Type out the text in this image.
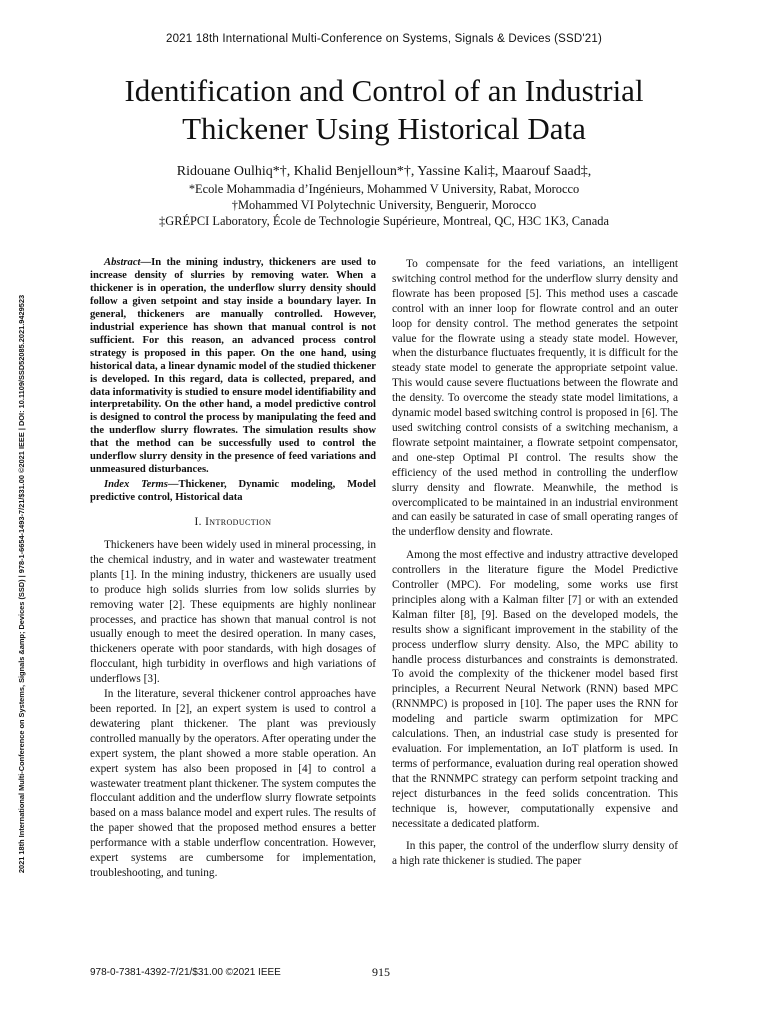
2021 18th International Multi-Conference on Systems, Signals & Devices (SSD'21)
Identification and Control of an Industrial
Thickener Using Historical Data
Ridouane Oulhiq*†, Khalid Benjelloun*†, Yassine Kali‡, Maarouf Saad‡,
*Ecole Mohammadia d’Ingénieurs, Mohammed V University, Rabat, Morocco
†Mohammed VI Polytechnic University, Benguerir, Morocco
‡GRÉPCI Laboratory, École de Technologie Supérieure, Montreal, QC, H3C 1K3, Canada
2021 18th International Multi-Conference on Systems, Signals &amp; Devices (SSD) | 978-1-6654-1493-7/21/$31.00 ©2021 IEEE | DOI: 10.1109/SSD52085.2021.9429523

Abstract—In the mining industry, thickeners are used to increase density of slurries by removing water. When a thickener is in operation, the underflow slurry density should follow a given setpoint and stay inside a boundary layer. In general, thickeners are manually controlled. However, industrial experience has shown that manual control is not sufficient. For this reason, an advanced process control strategy is proposed in this paper. On the one hand, using historical data, a linear dynamic model of the studied thickener is developed. In this regard, data is collected, prepared, and data informativity is studied to ensure model identifiability and interpretability. On the other hand, a model predictive control is designed to control the process by manipulating the feed and the underflow slurry flowrates. The simulation results show that the method can be successfully used to control the underflow slurry density in the presence of feed variations and unmeasured disturbances.

Index Terms—Thickener, Dynamic modeling, Model predictive control, Historical data

I. Introduction

Thickeners have been widely used in mineral processing, in the chemical industry, and in water and wastewater treatment plants [1]. In the mining industry, thickeners are usually used to produce high solids slurries from low solids slurries by removing water [2]. These equipments are highly nonlinear processes, and practice has shown that manual control is not usually enough to meet the desired operation. In many cases, thickeners operate with poor standards, with high dosages of flocculant, high turbidity in overflows and high variations of underflows [3].

In the literature, several thickener control approaches have been reported. In [2], an expert system is used to control a dewatering plant thickener. The plant was previously controlled manually by the operators. After operating under the expert system, the plant showed a more stable operation. An expert system has also been proposed in [4] to control a wastewater treatment plant thickener. The system computes the flocculant addition and the underflow slurry flowrate setpoints based on a mass balance model and expert rules. The results of the paper showed that the proposed method ensures a better performance with a stable underflow concentration. However, expert systems are cumbersome for implementation, troubleshooting, and tuning.

To compensate for the feed variations, an intelligent switching control method for the underflow slurry density and flowrate has been proposed [5]. This method uses a cascade control with an inner loop for flowrate control and an outer loop for density control. The method generates the setpoint value for the flowrate using a steady state model. However, when the disturbance fluctuates frequently, it is difficult for the steady state model to generate the appropriate setpoint value. This would cause severe fluctuations between the flowrate and the density. To overcome the steady state model limitations, a dynamic model based switching control is proposed in [6]. The used switching control consists of a switching mechanism, a flowrate setpoint maintainer, a flowrate setpoint compensator, and one-step Optimal PI control. The results show the efficiency of the used method in controlling the underflow slurry density and flowrate. Meanwhile, the method is overcomplicated to be maintained in an industrial environment and can easily be saturated in case of small operating ranges of the underflow density and flowrate.

Among the most effective and industry attractive developed controllers in the literature figure the Model Predictive Controller (MPC). For modeling, some works use first principles along with a Kalman filter [7] or with an extended Kalman filter [8], [9]. Based on the developed models, the results show a significant improvement in the stability of the process underflow slurry density. Also, the MPC ability to handle process disturbances and constraints is demonstrated. To avoid the complexity of the thickener model based first principles, a Recurrent Neural Network (RNN) based MPC (RNNMPC) is proposed in [10]. The paper uses the RNN for modeling and particle swarm optimization for MPC calculations. Then, an industrial case study is presented for evaluation. For implementation, an IoT platform is used. In terms of performance, evaluation during real operation showed that the RNNMPC strategy can perform setpoint tracking and reject disturbances in the feed solids concentration. This technique is, however, computationally expensive and necessitate a dedicated platform.

In this paper, the control of the underflow slurry density of a high rate thickener is studied. The paper

978-0-7381-4392-7/21/$31.00 ©2021 IEEE	915
